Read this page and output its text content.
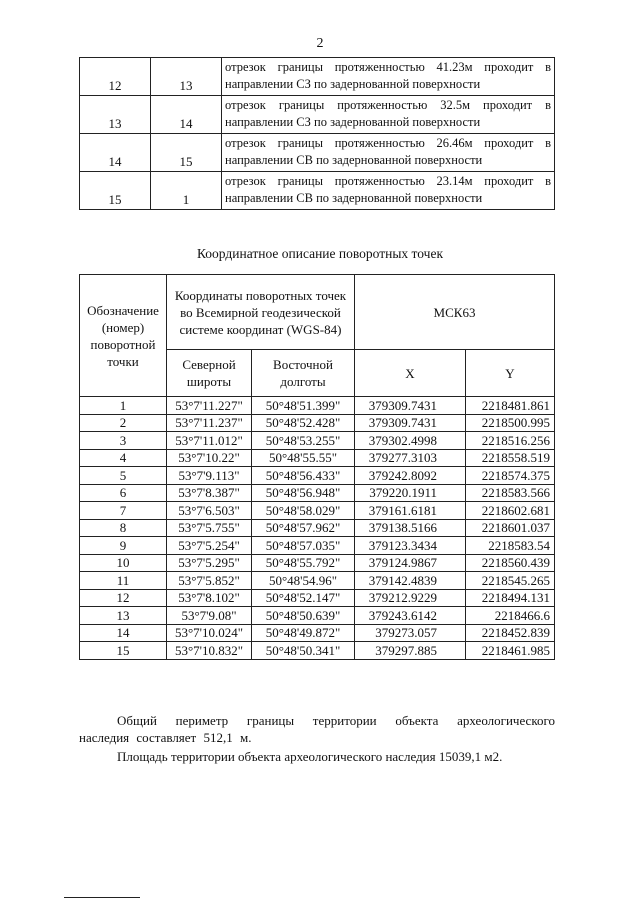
2
12	13	отрезок границы протяженностью 41.23м проходит в направлении СЗ по задернованной поверхности
13	14	отрезок границы протяженностью 32.5м проходит в направлении СЗ по задернованной поверхности
14	15	отрезок границы протяженностью 26.46м проходит в направлении СВ по задернованной поверхности
15	1	отрезок границы протяженностью 23.14м проходит в направлении СВ по задернованной поверхности
Координатное описание поворотных точек
Обозначение (номер) поворотной точки	Координаты поворотных точек во Всемирной геодезической системе координат (WGS-84)		МСК63	
	Северной широты	Восточной долготы	X	Y
1	53°7'11.227"	50°48'51.399"	379309.7431	2218481.861
2	53°7'11.237"	50°48'52.428"	379309.7431	2218500.995
3	53°7'11.012"	50°48'53.255"	379302.4998	2218516.256
4	53°7'10.22"	50°48'55.55"	379277.3103	2218558.519
5	53°7'9.113"	50°48'56.433"	379242.8092	2218574.375
6	53°7'8.387"	50°48'56.948"	379220.1911	2218583.566
7	53°7'6.503"	50°48'58.029"	379161.6181	2218602.681
8	53°7'5.755"	50°48'57.962"	379138.5166	2218601.037
9	53°7'5.254"	50°48'57.035"	379123.3434	2218583.54
10	53°7'5.295"	50°48'55.792"	379124.9867	2218560.439
11	53°7'5.852"	50°48'54.96"	379142.4839	2218545.265
12	53°7'8.102"	50°48'52.147"	379212.9229	2218494.131
13	53°7'9.08"	50°48'50.639"	379243.6142	2218466.6
14	53°7'10.024"	50°48'49.872"	379273.057	2218452.839
15	53°7'10.832"	50°48'50.341"	379297.885	2218461.985
Общий периметр границы территории объекта археологического наследия составляет 512,1 м.
Площадь территории объекта археологического наследия 15039,1 м2.
